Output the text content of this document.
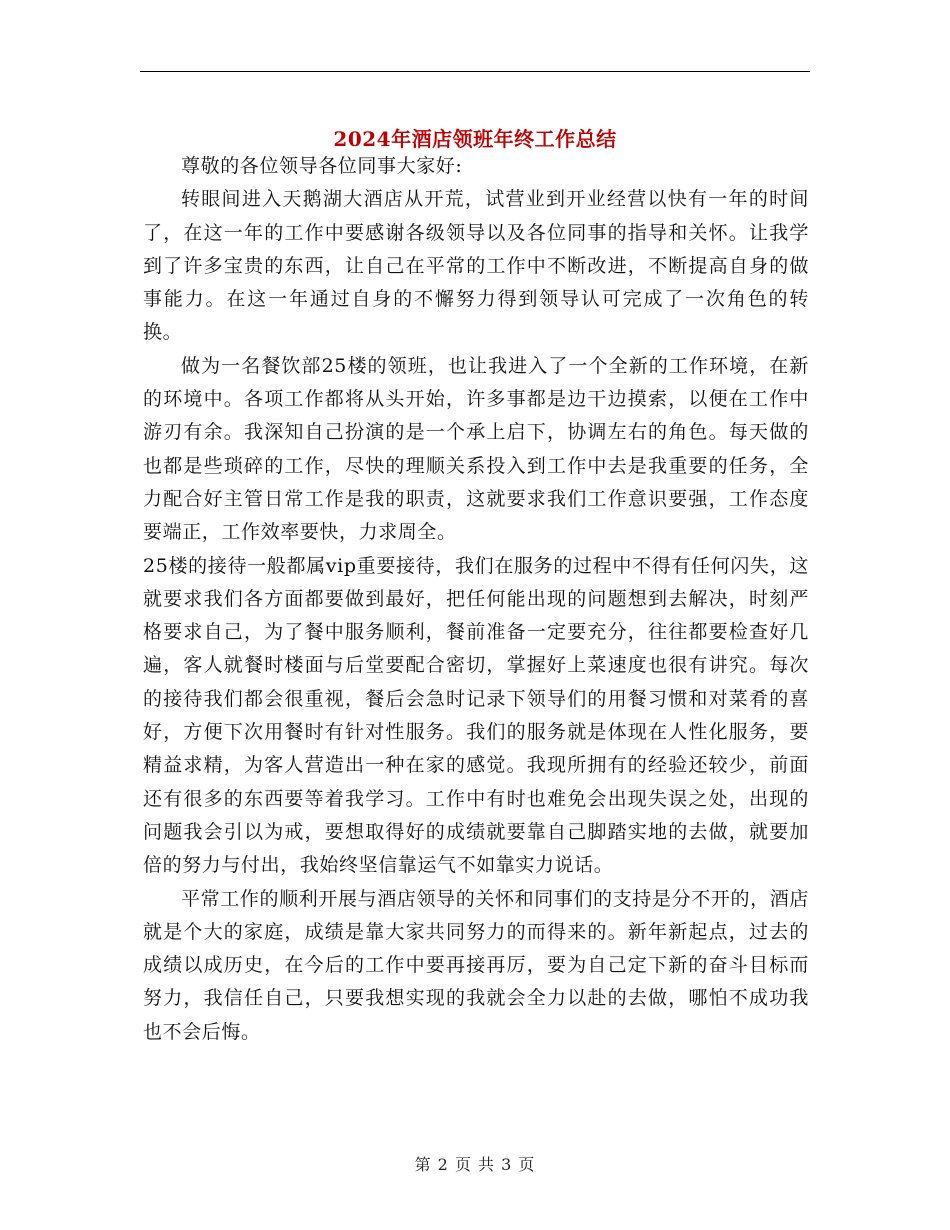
2024年酒店领班年终工作总结

尊敬的各位领导各位同事大家好:

转眼间进入天鹅湖大酒店从开荒，试营业到开业经营以快有一年的时间了，在这一年的工作中要感谢各级领导以及各位同事的指导和关怀。让我学到了许多宝贵的东西，让自己在平常的工作中不断改进，不断提高自身的做事能力。在这一年通过自身的不懈努力得到领导认可完成了一次角色的转换。

做为一名餐饮部25楼的领班，也让我进入了一个全新的工作环境，在新的环境中。各项工作都将从头开始，许多事都是边干边摸索，以便在工作中游刃有余。我深知自己扮演的是一个承上启下，协调左右的角色。每天做的也都是些琐碎的工作，尽快的理顺关系投入到工作中去是我重要的任务，全力配合好主管日常工作是我的职责，这就要求我们工作意识要强，工作态度要端正，工作效率要快，力求周全。

25楼的接待一般都属vip重要接待，我们在服务的过程中不得有任何闪失，这就要求我们各方面都要做到最好，把任何能出现的问题想到去解决，时刻严格要求自己，为了餐中服务顺利，餐前准备一定要充分，往往都要检查好几遍，客人就餐时楼面与后堂要配合密切，掌握好上菜速度也很有讲究。每次的接待我们都会很重视，餐后会急时记录下领导们的用餐习惯和对菜肴的喜好，方便下次用餐时有针对性服务。我们的服务就是体现在人性化服务，要精益求精，为客人营造出一种在家的感觉。我现所拥有的经验还较少，前面还有很多的东西要等着我学习。工作中有时也难免会出现失误之处，出现的问题我会引以为戒，要想取得好的成绩就要靠自己脚踏实地的去做，就要加倍的努力与付出，我始终坚信靠运气不如靠实力说话。

平常工作的顺利开展与酒店领导的关怀和同事们的支持是分不开的，酒店就是个大的家庭，成绩是靠大家共同努力的而得来的。新年新起点，过去的成绩以成历史，在今后的工作中要再接再厉，要为自己定下新的奋斗目标而努力，我信任自己，只要我想实现的我就会全力以赴的去做，哪怕不成功我也不会后悔。

第 2 页 共 3 页
